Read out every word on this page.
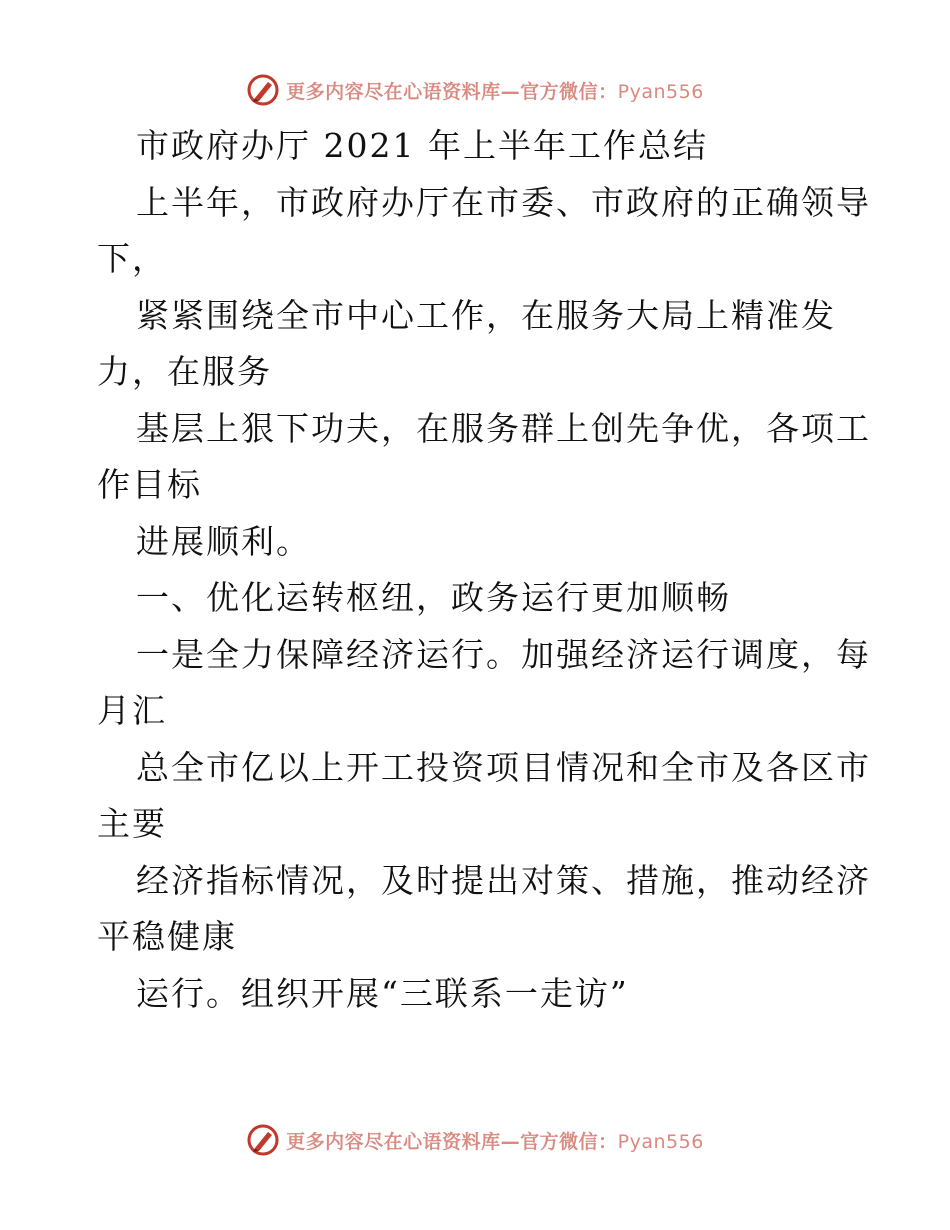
更多内容尽在心语资料库—官方微信：Pyan556
市政府办厅 2021 年上半年工作总结
上半年，市政府办厅在市委、市政府的正确领导
下，
紧紧围绕全市中心工作，在服务大局上精准发
力，在服务
基层上狠下功夫，在服务群上创先争优，各项工
作目标
进展顺利。
一、优化运转枢纽，政务运行更加顺畅
一是全力保障经济运行。加强经济运行调度，每
月汇
总全市亿以上开工投资项目情况和全市及各区市
主要
经济指标情况，及时提出对策、措施，推动经济
平稳健康
运行。组织开展“三联系一走访”
更多内容尽在心语资料库—官方微信：Pyan556
